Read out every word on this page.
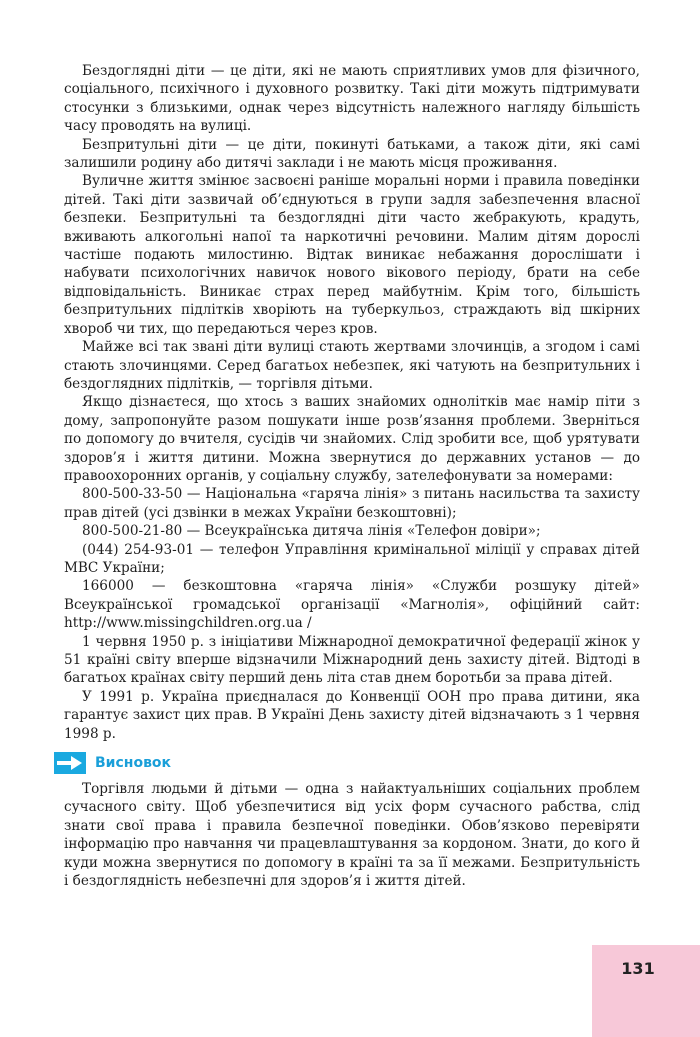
Бездоглядні діти — це діти, які не мають сприятливих умов для фізичного, соціального, психічного і духовного розвитку. Такі діти можуть підтримувати стосунки з близькими, однак через відсутність належного нагляду більшість часу проводять на вулиці.

Безпритульні діти — це діти, покинуті батьками, а також діти, які самі залишили родину або дитячі заклади і не мають місця проживання.

Вуличне життя змінює засвоєні раніше моральні норми і правила поведінки дітей. Такі діти зазвичай об’єднуються в групи задля забезпечення власної безпеки. Безпритульні та бездоглядні діти часто жебракують, крадуть, вживають алкогольні напої та наркотичні речовини. Малим дітям дорослі частіше подають милостиню. Відтак виникає небажання дорослішати і набувати психологічних навичок нового вікового періоду, брати на себе відповідальність. Виникає страх перед майбутнім. Крім того, більшість безпритульних підлітків хворіють на туберкульоз, страждають від шкірних хвороб чи тих, що передаються через кров.

Майже всі так звані діти вулиці стають жертвами злочинців, а згодом і самі стають злочинцями. Серед багатьох небезпек, які чатують на безпритульних і бездоглядних підлітків, — торгівля дітьми.

Якщо дізнаєтеся, що хтось з ваших знайомих однолітків має намір піти з дому, запропонуйте разом пошукати інше розв’язання проблеми. Зверніться по допомогу до вчителя, сусідів чи знайомих. Слід зробити все, щоб урятувати здоров’я і життя дитини. Можна звернутися до державних установ — до правоохоронних органів, у соціальну службу, зателефонувати за номерами:

800-500-33-50 — Національна «гаряча лінія» з питань насильства та захисту прав дітей (усі дзвінки в межах України безкоштовні);

800-500-21-80 — Всеукраїнська дитяча лінія «Телефон довіри»;

(044) 254-93-01 — телефон Управління кримінальної міліції у справах дітей МВС України;

166000 — безкоштовна «гаряча лінія» «Служби розшуку дітей» Всеукраїнської громадської організації «Магнолія», офіційний сайт: http://www.missingchildren.org.ua /

1 червня 1950 р. з ініціативи Міжнародної демократичної федерації жінок у 51 країні світу вперше відзначили Міжнародний день захисту дітей. Відтоді в багатьох країнах світу перший день літа став днем боротьби за права дітей.

У 1991 р. Україна приєдналася до Конвенції ООН про права дитини, яка гарантує захист цих прав. В Україні День захисту дітей відзначають з 1 червня 1998 р.

Висновок

Торгівля людьми й дітьми — одна з найактуальніших соціальних проблем сучасного світу. Щоб убезпечитися від усіх форм сучасного рабства, слід знати свої права і правила безпечної поведінки. Обов’язково перевіряти інформацію про навчання чи працевлаштування за кордоном. Знати, до кого й куди можна звернутися по допомогу в країні та за її межами. Безпритульність і бездоглядність небезпечні для здоров’я і життя дітей.

131
